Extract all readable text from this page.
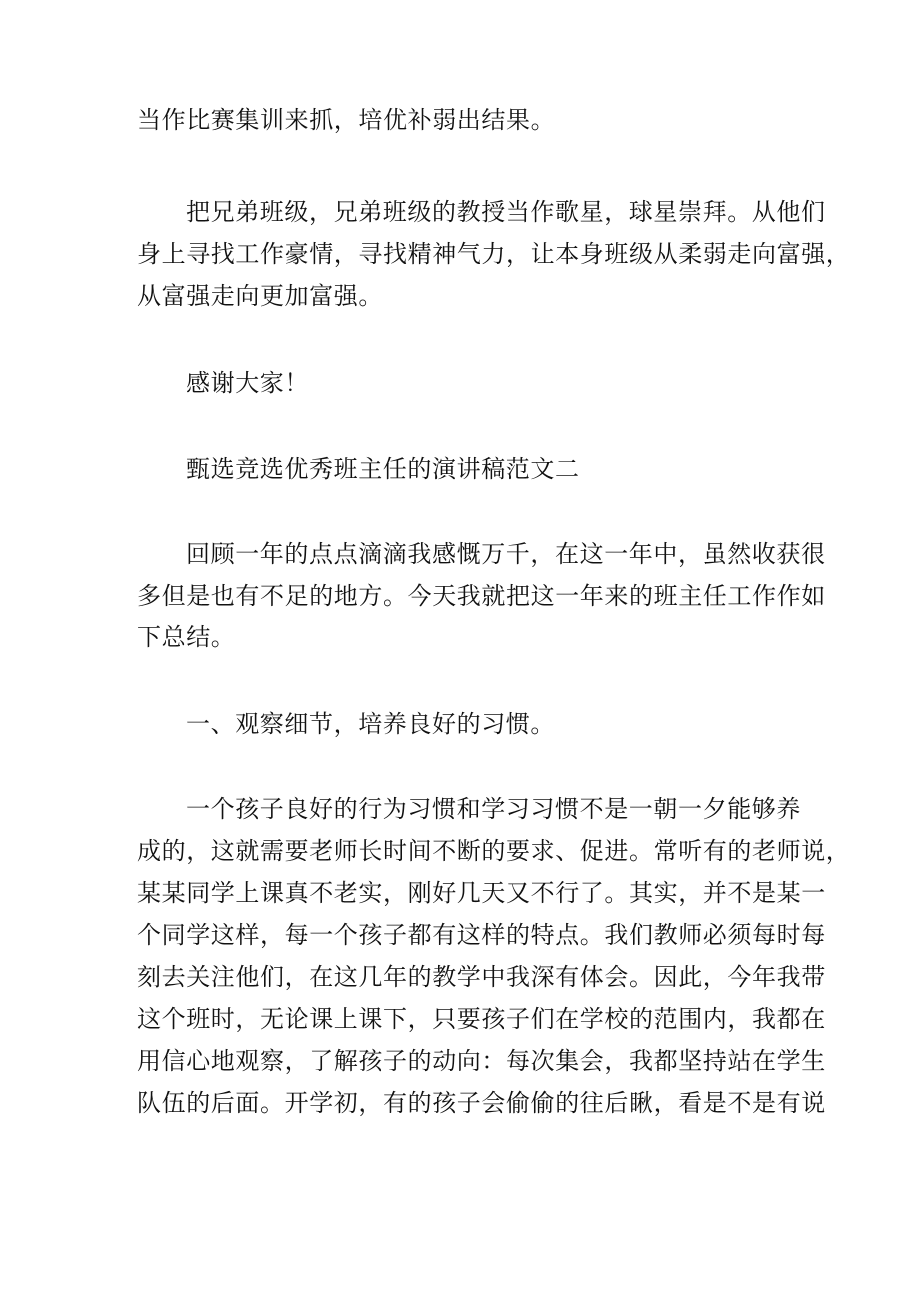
当作比赛集训来抓，培优补弱出结果。
把兄弟班级，兄弟班级的教授当作歌星，球星崇拜。从他们
身上寻找工作豪情，寻找精神气力，让本身班级从柔弱走向富强，
从富强走向更加富强。
感谢大家！
甄选竞选优秀班主任的演讲稿范文二
回顾一年的点点滴滴我感慨万千，在这一年中，虽然收获很
多但是也有不足的地方。今天我就把这一年来的班主任工作作如
下总结。
一、观察细节，培养良好的习惯。
一个孩子良好的行为习惯和学习习惯不是一朝一夕能够养
成的，这就需要老师长时间不断的要求、促进。常听有的老师说，
某某同学上课真不老实，刚好几天又不行了。其实，并不是某一
个同学这样，每一个孩子都有这样的特点。我们教师必须每时每
刻去关注他们，在这几年的教学中我深有体会。因此，今年我带
这个班时，无论课上课下，只要孩子们在学校的范围内，我都在
用信心地观察，了解孩子的动向：每次集会，我都坚持站在学生
队伍的后面。开学初，有的孩子会偷偷的往后瞅，看是不是有说
